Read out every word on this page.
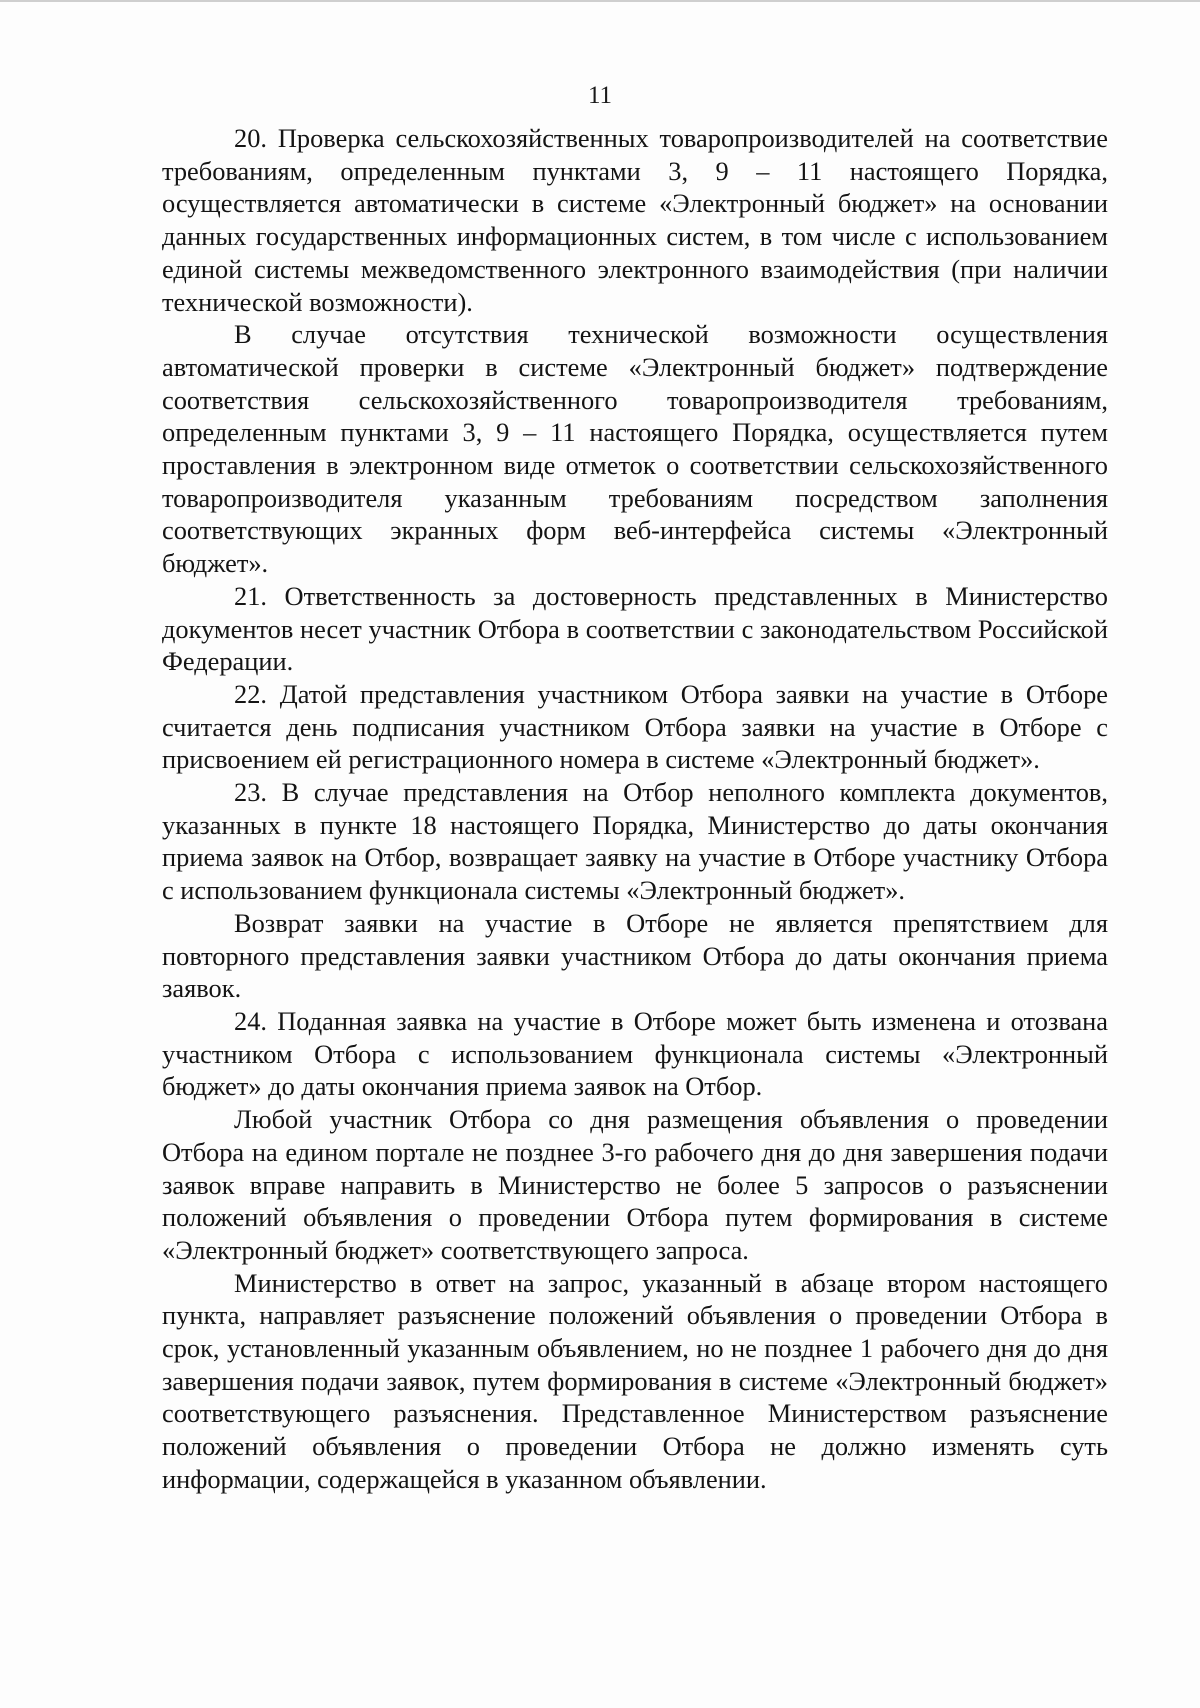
11

20. Проверка сельскохозяйственных товаропроизводителей на соответствие требованиям, определенным пунктами 3, 9 – 11 настоящего Порядка, осуществляется автоматически в системе «Электронный бюджет» на основании данных государственных информационных систем, в том числе с использованием единой системы межведомственного электронного взаимодействия (при наличии технической возможности).

В случае отсутствия технической возможности осуществления автоматической проверки в системе «Электронный бюджет» подтверждение соответствия сельскохозяйственного товаропроизводителя требованиям, определенным пунктами 3, 9 – 11 настоящего Порядка, осуществляется путем проставления в электронном виде отметок о соответствии сельскохозяйственного товаропроизводителя указанным требованиям посредством заполнения соответствующих экранных форм веб-интерфейса системы «Электронный бюджет».

21. Ответственность за достоверность представленных в Министерство документов несет участник Отбора в соответствии с законодательством Российской Федерации.

22. Датой представления участником Отбора заявки на участие в Отборе считается день подписания участником Отбора заявки на участие в Отборе с присвоением ей регистрационного номера в системе «Электронный бюджет».

23. В случае представления на Отбор неполного комплекта документов, указанных в пункте 18 настоящего Порядка, Министерство до даты окончания приема заявок на Отбор, возвращает заявку на участие в Отборе участнику Отбора с использованием функционала системы «Электронный бюджет».

Возврат заявки на участие в Отборе не является препятствием для повторного представления заявки участником Отбора до даты окончания приема заявок.

24. Поданная заявка на участие в Отборе может быть изменена и отозвана участником Отбора с использованием функционала системы «Электронный бюджет» до даты окончания приема заявок на Отбор.

Любой участник Отбора со дня размещения объявления о проведении Отбора на едином портале не позднее 3-го рабочего дня до дня завершения подачи заявок вправе направить в Министерство не более 5 запросов о разъяснении положений объявления о проведении Отбора путем формирования в системе «Электронный бюджет» соответствующего запроса.

Министерство в ответ на запрос, указанный в абзаце втором настоящего пункта, направляет разъяснение положений объявления о проведении Отбора в срок, установленный указанным объявлением, но не позднее 1 рабочего дня до дня завершения подачи заявок, путем формирования в системе «Электронный бюджет» соответствующего разъяснения. Представленное Министерством разъяснение положений объявления о проведении Отбора не должно изменять суть информации, содержащейся в указанном объявлении.
